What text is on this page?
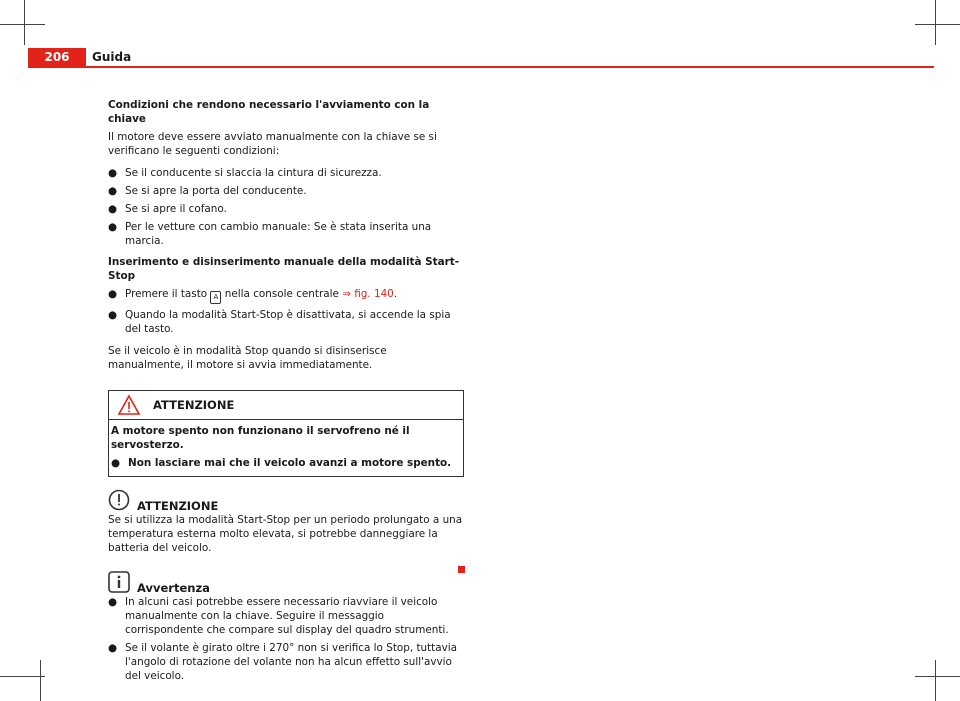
206	Guida
Condizioni che rendono necessario l'avviamento con la chiave

Il motore deve essere avviato manualmente con la chiave se si verificano le seguenti condizioni:

● Se il conducente si slaccia la cintura di sicurezza.
● Se si apre la porta del conducente.
● Se si apre il cofano.
● Per le vetture con cambio manuale: Se è stata inserita una marcia.
Inserimento e disinserimento manuale della modalità Start-Stop
● Premere il tasto A nella console centrale ⇒ fig. 140.
● Quando la modalità Start-Stop è disattivata, si accende la spia del tasto.

Se il veicolo è in modalità Stop quando si disinserisce manualmente, il motore si avvia immediatamente.

ATTENZIONE

A motore spento non funzionano il servofreno né il servosterzo.

● Non lasciare mai che il veicolo avanzi a motore spento.
ATTENZIONE

Se si utilizza la modalità Start-Stop per un periodo prolungato a una temperatura esterna molto elevata, si potrebbe danneggiare la batteria del veicolo.

Avvertenza
● In alcuni casi potrebbe essere necessario riavviare il veicolo manualmente con la chiave. Seguire il messaggio corrispondente che compare sul display del quadro strumenti.
● Se il volante è girato oltre i 270° non si verifica lo Stop, tuttavia l'angolo di rotazione del volante non ha alcun effetto sull'avvio del veicolo.
